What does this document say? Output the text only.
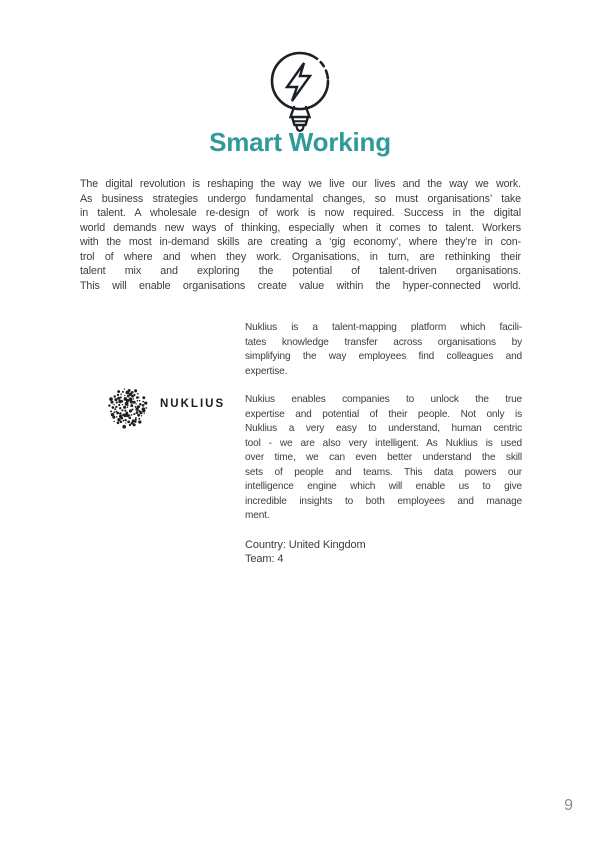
Smart Working
The digital revolution is reshaping the way we live our lives and the way we work.
As business strategies undergo fundamental changes, so must organisations’ take
in talent. A wholesale re-design of work is now required. Success in the digital
world demands new ways of thinking, especially when it comes to talent. Workers
with the most in-demand skills are creating a ‘gig economy’, where they’re in con-
trol of where and when they work. Organisations, in turn, are rethinking their
talent mix and exploring the potential of talent-driven organisations.
This will enable organisations create value within the hyper-connected world.
NUKLIUS
Nuklius is a talent-mapping platform which facili-
tates knowledge transfer across organisations by
simplifying the way employees find colleagues and
expertise.
Nukius enables companies to unlock the true
expertise and potential of their people. Not only is
Nuklius a very easy to understand, human centric
tool - we are also very intelligent. As Nuklius is used
over time, we can even better understand the skill
sets of people and teams. This data powers our
intelligence engine which will enable us to give
incredible insights to both employees and manage
ment.
Country: United Kingdom
Team: 4
9
